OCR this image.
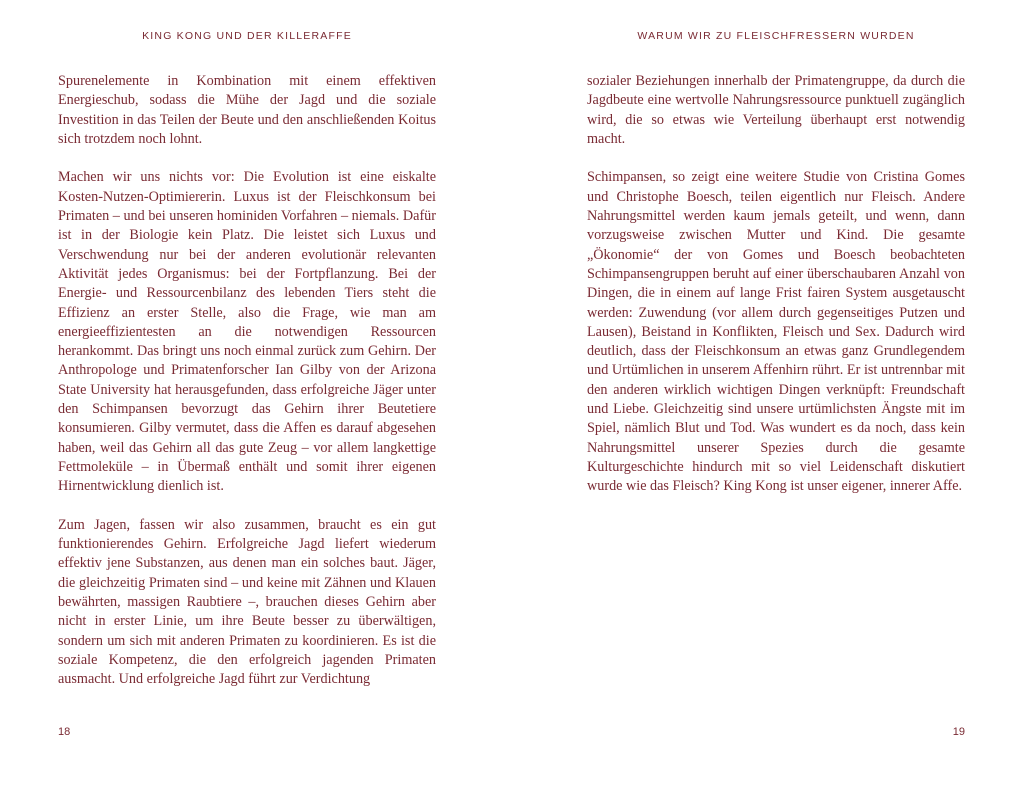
KING KONG UND DER KILLERAFFE

Spurenelemente in Kombination mit einem effektiven Energieschub, sodass die Mühe der Jagd und die soziale Investition in das Teilen der Beute und den anschließenden Koitus sich trotzdem noch lohnt.

Machen wir uns nichts vor: Die Evolution ist eine eiskalte Kosten-Nutzen-Optimiererin. Luxus ist der Fleischkonsum bei Primaten – und bei unseren hominiden Vorfahren – niemals. Dafür ist in der Biologie kein Platz. Die leistet sich Luxus und Verschwendung nur bei der anderen evolutionär relevanten Aktivität jedes Organismus: bei der Fortpflanzung. Bei der Energie- und Ressourcenbilanz des lebenden Tiers steht die Effizienz an erster Stelle, also die Frage, wie man am energieeffizientesten an die notwendigen Ressourcen herankommt. Das bringt uns noch einmal zurück zum Gehirn. Der Anthropologe und Primatenforscher Ian Gilby von der Arizona State University hat herausgefunden, dass erfolgreiche Jäger unter den Schimpansen bevorzugt das Gehirn ihrer Beutetiere konsumieren. Gilby vermutet, dass die Affen es darauf abgesehen haben, weil das Gehirn all das gute Zeug – vor allem langkettige Fettmoleküle – in Übermaß enthält und somit ihrer eigenen Hirnentwicklung dienlich ist.

Zum Jagen, fassen wir also zusammen, braucht es ein gut funktionierendes Gehirn. Erfolgreiche Jagd liefert wiederum effektiv jene Substanzen, aus denen man ein solches baut. Jäger, die gleichzeitig Primaten sind – und keine mit Zähnen und Klauen bewährten, massigen Raubtiere –, brauchen dieses Gehirn aber nicht in erster Linie, um ihre Beute besser zu überwältigen, sondern um sich mit anderen Primaten zu koordinieren. Es ist die soziale Kompetenz, die den erfolgreich jagenden Primaten ausmacht. Und erfolgreiche Jagd führt zur Verdichtung

18
WARUM WIR ZU FLEISCHFRESSERN WURDEN

sozialer Beziehungen innerhalb der Primatengruppe, da durch die Jagdbeute eine wertvolle Nahrungsressource punktuell zugänglich wird, die so etwas wie Verteilung überhaupt erst notwendig macht.

Schimpansen, so zeigt eine weitere Studie von Cristina Gomes und Christophe Boesch, teilen eigentlich nur Fleisch. Andere Nahrungsmittel werden kaum jemals geteilt, und wenn, dann vorzugsweise zwischen Mutter und Kind. Die gesamte „Ökonomie“ der von Gomes und Boesch beobachteten Schimpansengruppen beruht auf einer überschaubaren Anzahl von Dingen, die in einem auf lange Frist fairen System ausgetauscht werden: Zuwendung (vor allem durch gegenseitiges Putzen und Lausen), Beistand in Konflikten, Fleisch und Sex. Dadurch wird deutlich, dass der Fleischkonsum an etwas ganz Grundlegendem und Urtümlichen in unserem Affenhirn rührt. Er ist untrennbar mit den anderen wirklich wichtigen Dingen verknüpft: Freundschaft und Liebe. Gleichzeitig sind unsere urtümlichsten Ängste mit im Spiel, nämlich Blut und Tod. Was wundert es da noch, dass kein Nahrungsmittel unserer Spezies durch die gesamte Kulturgeschichte hindurch mit so viel Leidenschaft diskutiert wurde wie das Fleisch? King Kong ist unser eigener, innerer Affe.

19
